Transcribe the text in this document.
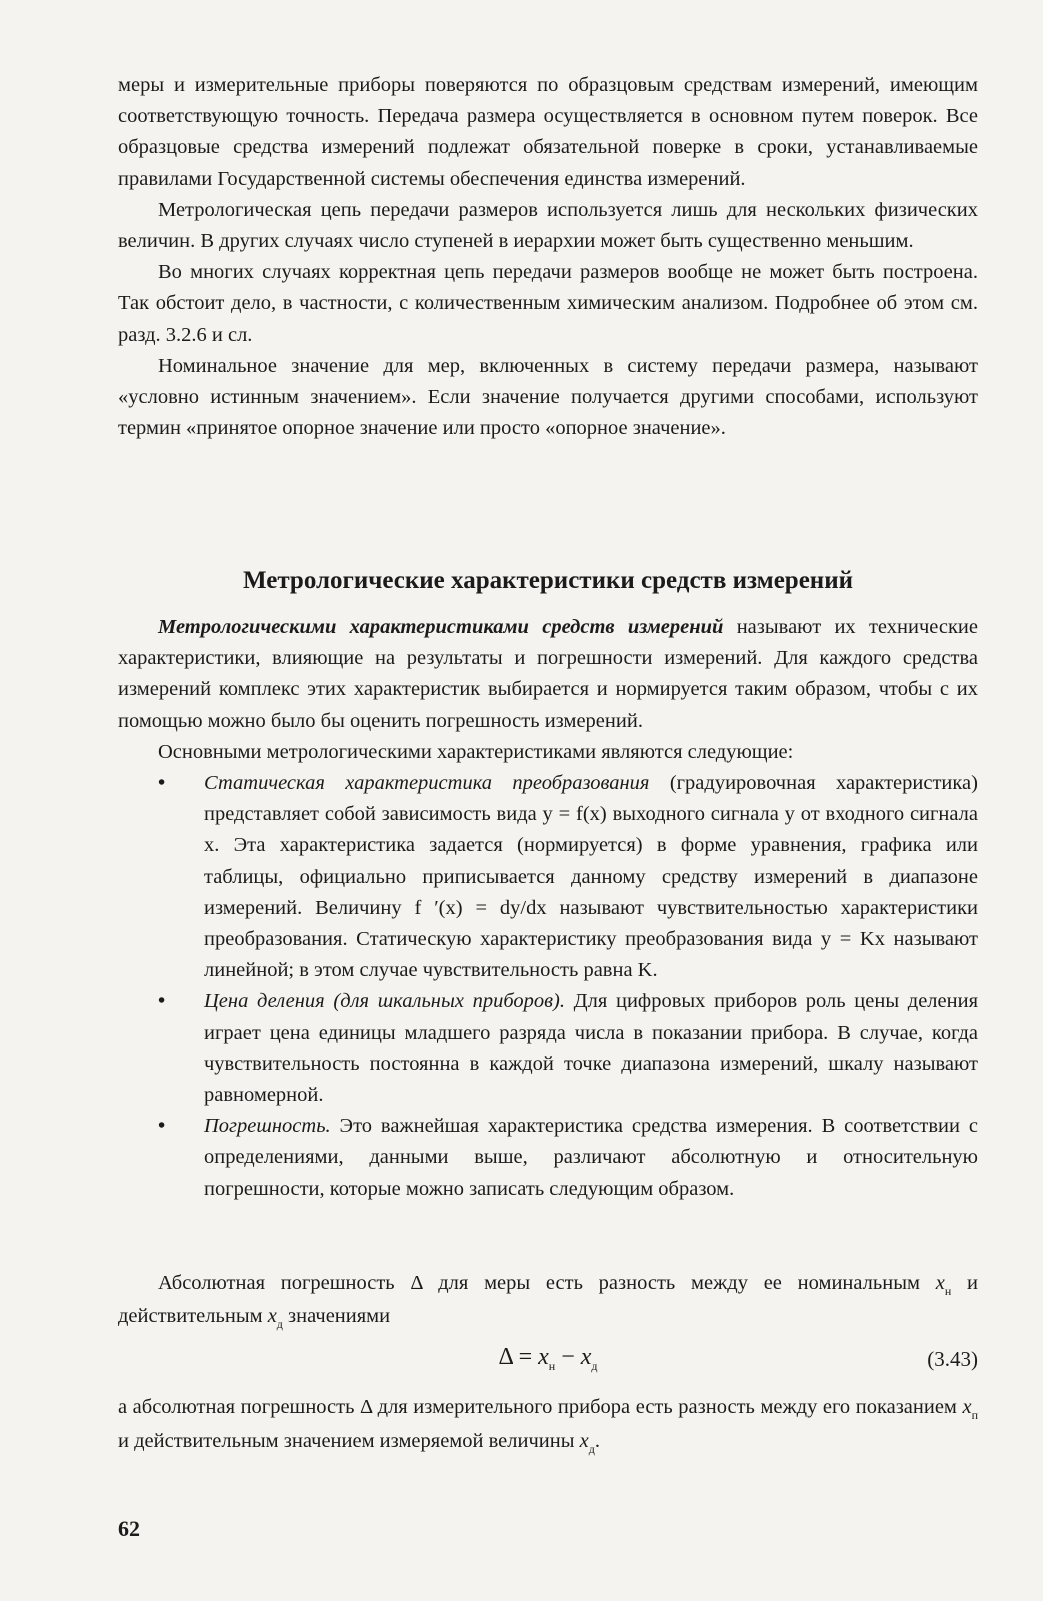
меры и измерительные приборы поверяются по образцовым средствам измерений, имеющим соответствующую точность. Передача размера осуществляется в основном путем поверок. Все образцовые средства измерений подлежат обязательной поверке в сроки, устанавливаемые правилами Государственной системы обеспечения единства измерений.

Метрологическая цепь передачи размеров используется лишь для нескольких физических величин. В других случаях число ступеней в иерархии может быть существенно меньшим.

Во многих случаях корректная цепь передачи размеров вообще не может быть построена. Так обстоит дело, в частности, с количественным химическим анализом. Подробнее об этом см. разд. 3.2.6 и сл.

Номинальное значение для мер, включенных в систему передачи размера, называют «условно истинным значением». Если значение получается другими способами, используют термин «принятое опорное значение или просто «опорное значение».

Метрологические характеристики средств измерений

Метрологическими характеристиками средств измерений называют их технические характеристики, влияющие на результаты и погрешности измерений. Для каждого средства измерений комплекс этих характеристик выбирается и нормируется таким образом, чтобы с их помощью можно было бы оценить погрешность измерений.

Основными метрологическими характеристиками являются следующие:

• Статическая характеристика преобразования (градуировочная характеристика) представляет собой зависимость вида y = f(x) выходного сигнала у от входного сигнала x. Эта характеристика задается (нормируется) в форме уравнения, графика или таблицы, официально приписывается данному средству измерений в диапазоне измерений. Величину f ′(x) = dy/dx называют чувствительностью характеристики преобразования. Статическую характеристику преобразования вида y = Kx называют линейной; в этом случае чувствительность равна K.
• Цена деления (для шкальных приборов). Для цифровых приборов роль цены деления играет цена единицы младшего разряда числа в показании прибора. В случае, когда чувствительность постоянна в каждой точке диапазона измерений, шкалу называют равномерной.
• Погрешность. Это важнейшая характеристика средства измерения. В соответствии с определениями, данными выше, различают абсолютную и относительную погрешности, которые можно записать следующим образом.

Абсолютная погрешность Δ для меры есть разность между ее номинальным $x_н$ и действительным $x_д$ значениями

$\Delta = x_н - x_д$	(3.43)

а абсолютная погрешность Δ для измерительного прибора есть разность между его показанием $x_п$ и действительным значением измеряемой величины $x_д$.

62
